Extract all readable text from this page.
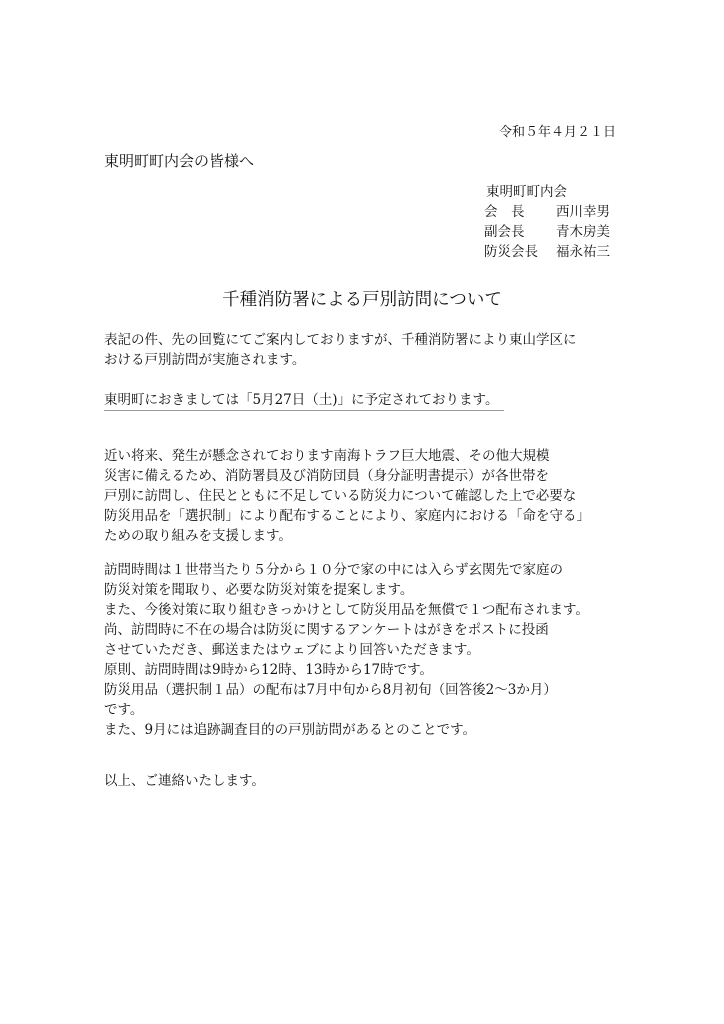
令和５年４月２１日
東明町町内会の皆様へ
東明町町内会
会　長 西川幸男
副会長 青木房美
防災会長 福永祐三
千種消防署による戸別訪問について
表記の件、先の回覧にてご案内しておりますが、千種消防署により東山学区に
おける戸別訪問が実施されます。
東明町におきましては「5月27日（土)」に予定されております。
近い将来、発生が懸念されております南海トラフ巨大地震、その他大規模
災害に備えるため、消防署員及び消防団員（身分証明書提示）が各世帯を
戸別に訪問し、住民とともに不足している防災力について確認した上で必要な
防災用品を「選択制」により配布することにより、家庭内における「命を守る」
ための取り組みを支援します。
訪問時間は１世帯当たり５分から１０分で家の中には入らず玄関先で家庭の
防災対策を聞取り、必要な防災対策を提案します。
また、今後対策に取り組むきっかけとして防災用品を無償で１つ配布されます。
尚、訪問時に不在の場合は防災に関するアンケートはがきをポストに投函
させていただき、郵送またはウェブにより回答いただきます。
原則、訪問時間は9時から12時、13時から17時です。
防災用品（選択制１品）の配布は7月中旬から8月初旬（回答後2～3か月）
です。
また、9月には追跡調査目的の戸別訪問があるとのことです。
以上、ご連絡いたします。
